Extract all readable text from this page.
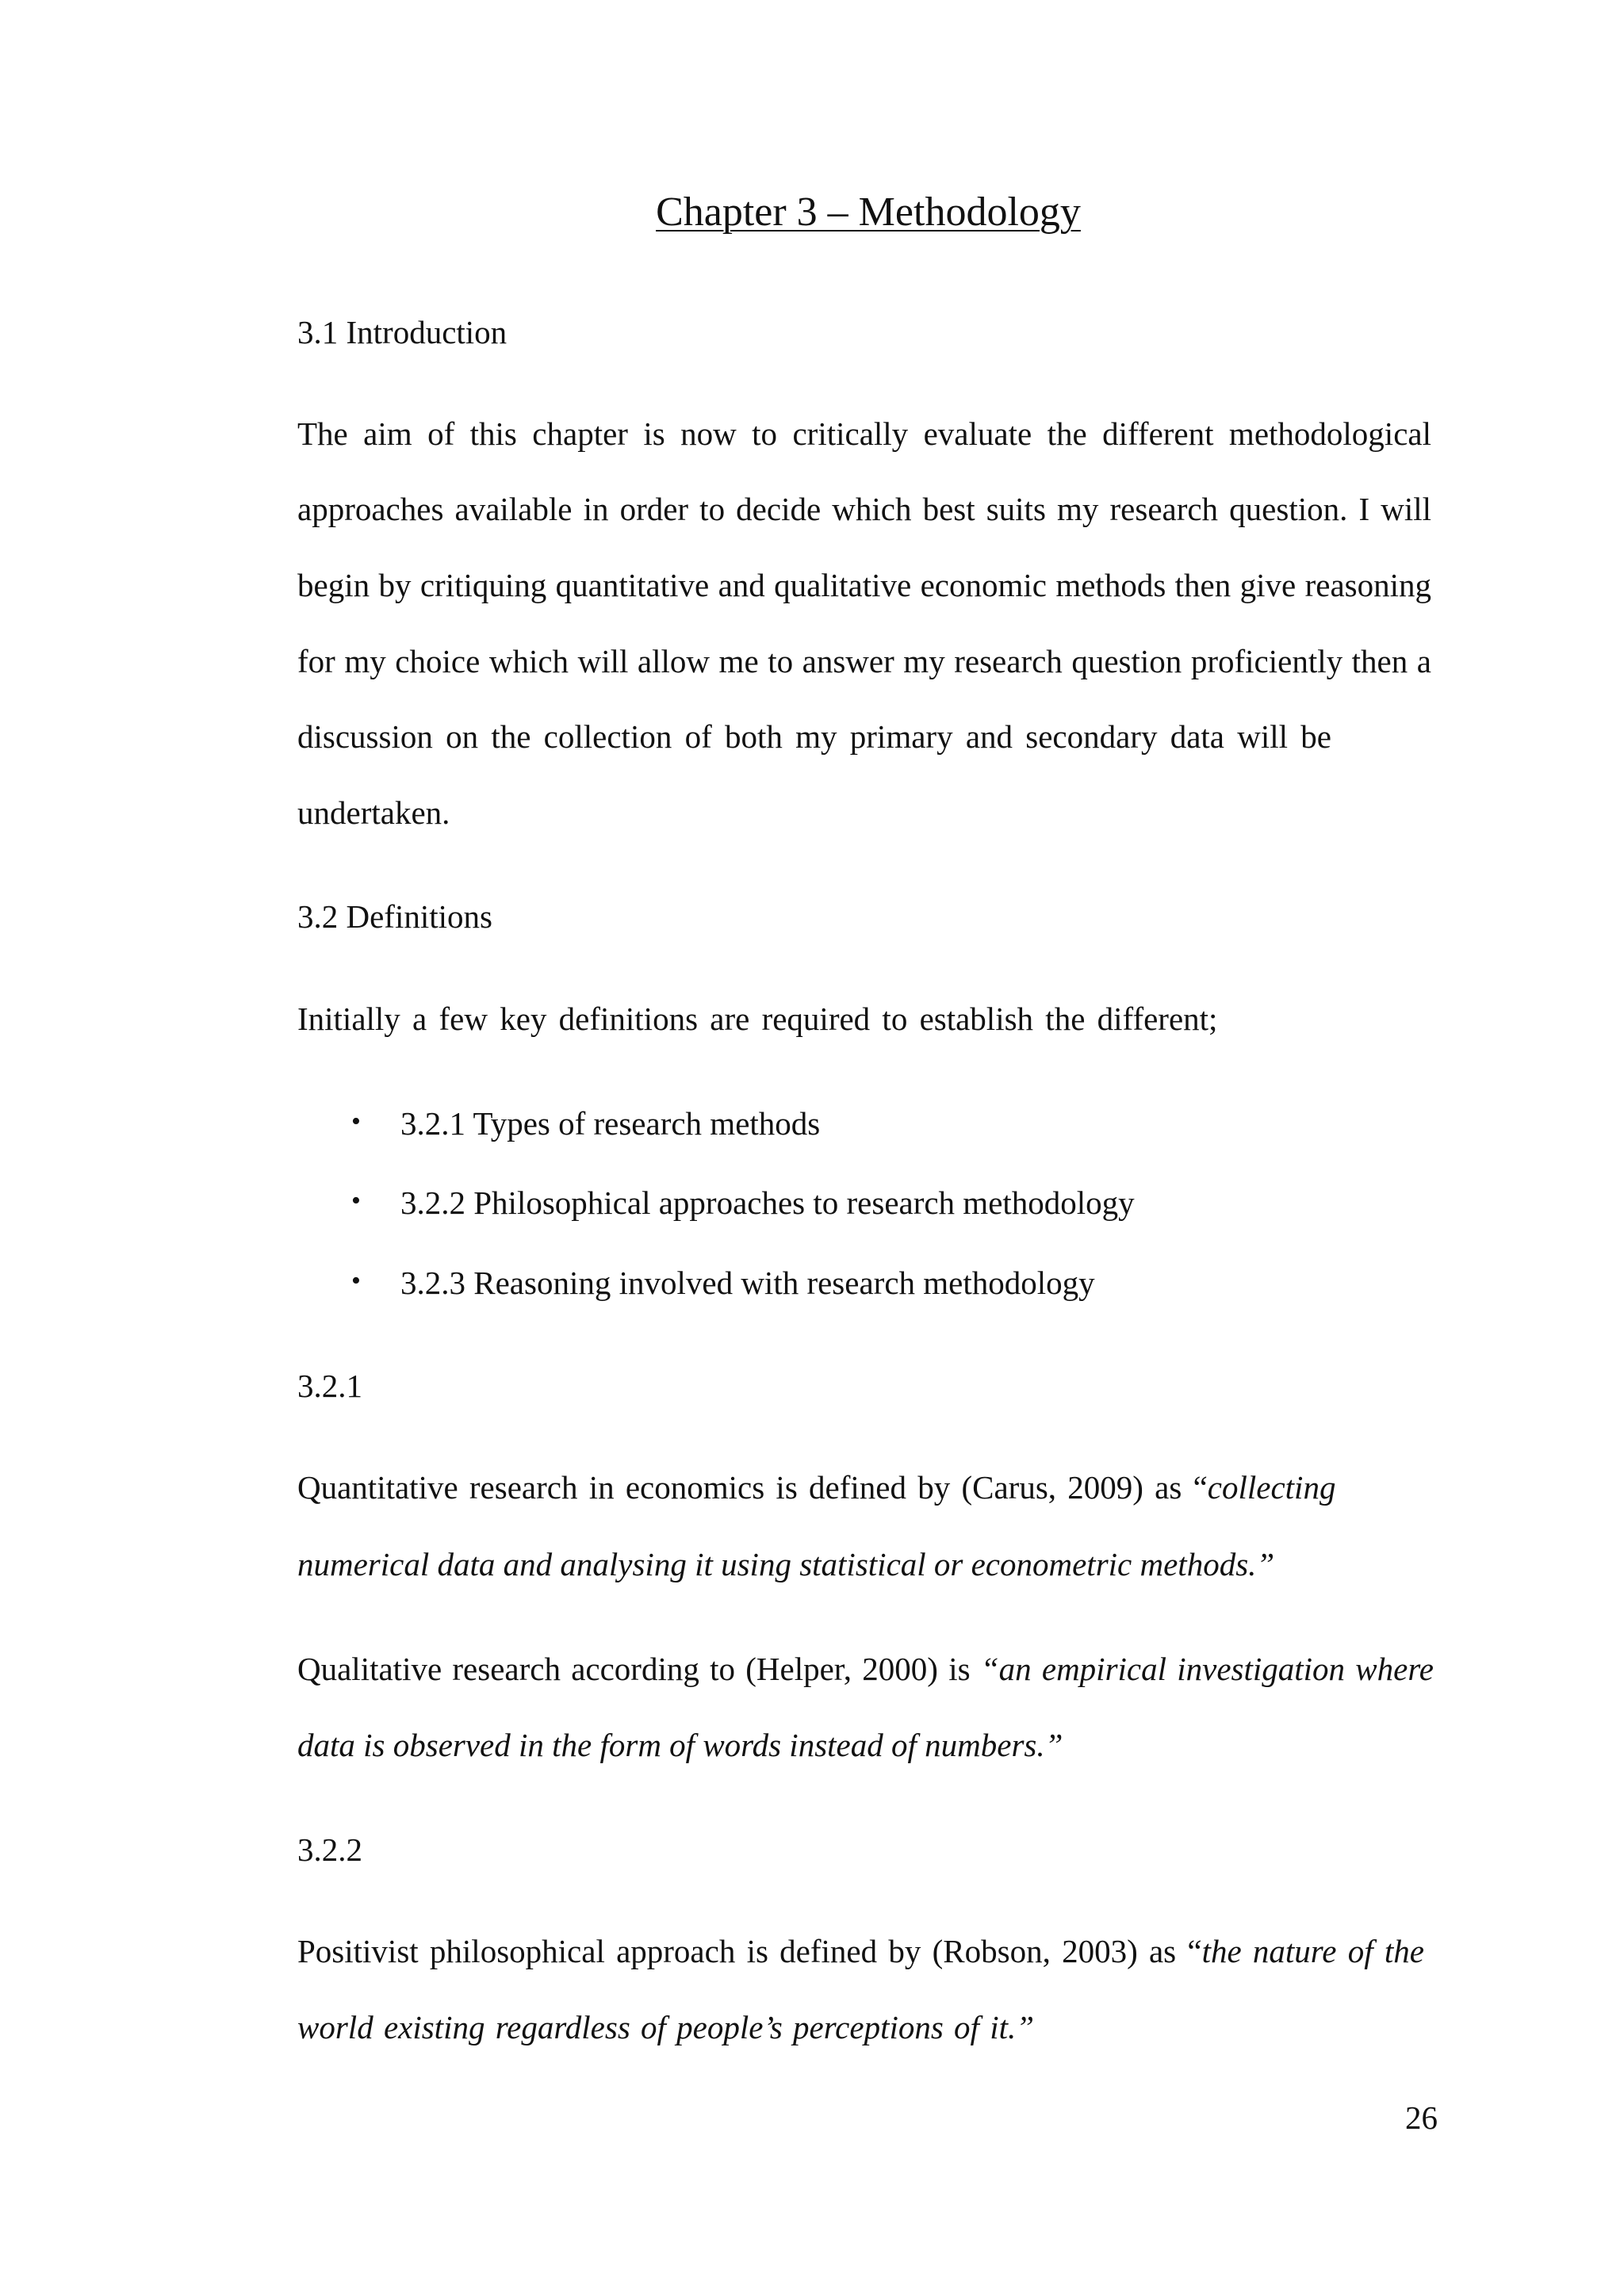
Chapter 3 – Methodology
3.1 Introduction
The aim of this chapter is now to critically evaluate the different methodological
approaches available in order to decide which best suits my research question. I will
begin by critiquing quantitative and qualitative economic methods then give reasoning
for my choice which will allow me to answer my research question proficiently then a
discussion on the collection of both my primary and secondary data will be
undertaken.
3.2 Definitions
Initially a few key definitions are required to establish the different;
• 3.2.1 Types of research methods
• 3.2.2 Philosophical approaches to research methodology
• 3.2.3 Reasoning involved with research methodology
3.2.1
Quantitative research in economics is defined by (Carus, 2009) as “collecting
numerical data and analysing it using statistical or econometric methods.”
Qualitative research according to (Helper, 2000) is “an empirical investigation where
data is observed in the form of words instead of numbers.”
3.2.2
Positivist philosophical approach is defined by (Robson, 2003) as “the nature of the
world existing regardless of people’s perceptions of it.”
26
